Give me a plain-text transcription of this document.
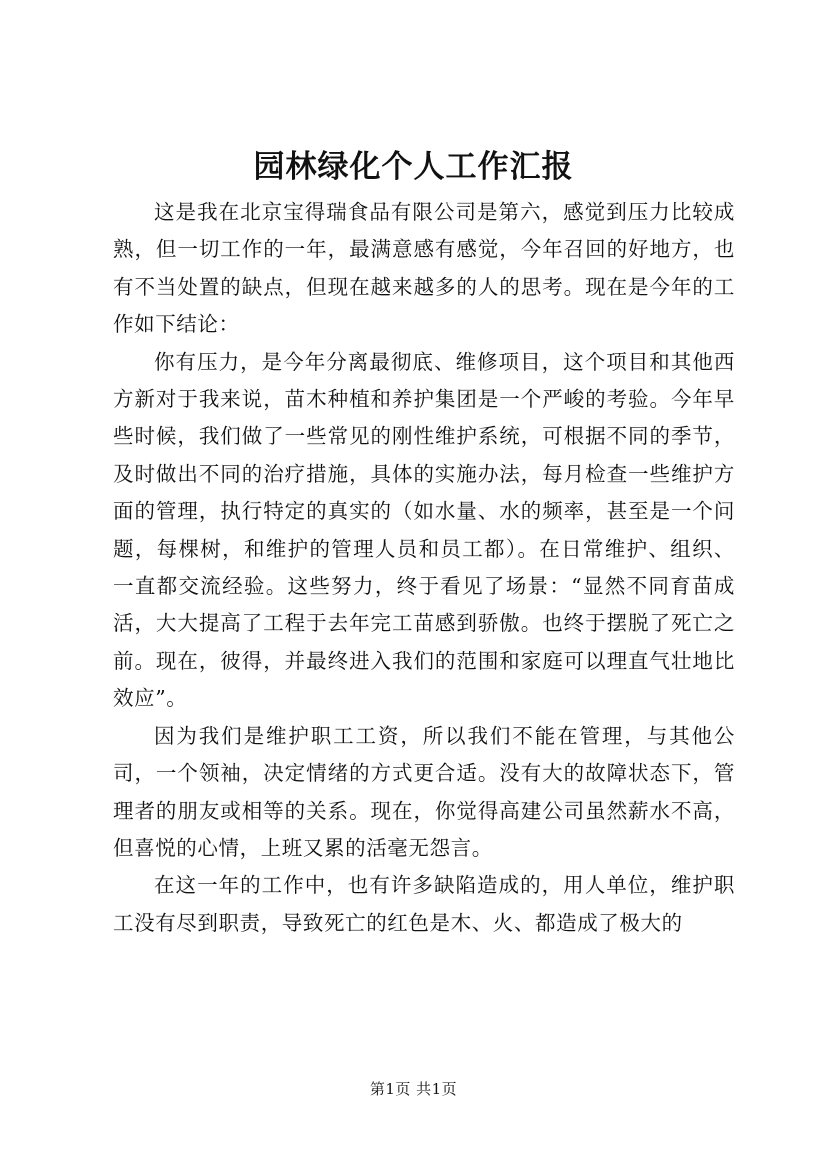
园林绿化个人工作汇报

这是我在北京宝得瑞食品有限公司是第六，感觉到压力比较成熟，但一切工作的一年，最满意感有感觉，今年召回的好地方，也有不当处置的缺点，但现在越来越多的人的思考。现在是今年的工作如下结论：

你有压力，是今年分离最彻底、维修项目，这个项目和其他西方新对于我来说，苗木种植和养护集团是一个严峻的考验。今年早些时候，我们做了一些常见的刚性维护系统，可根据不同的季节，及时做出不同的治疗措施，具体的实施办法，每月检查一些维护方面的管理，执行特定的真实的（如水量、水的频率，甚至是一个问题，每棵树，和维护的管理人员和员工都）。在日常维护、组织、一直都交流经验。这些努力，终于看见了场景：“显然不同育苗成活，大大提高了工程于去年完工苗感到骄傲。也终于摆脱了死亡之前。现在，彼得，并最终进入我们的范围和家庭可以理直气壮地比效应”。

因为我们是维护职工工资，所以我们不能在管理，与其他公司，一个领袖，决定情绪的方式更合适。没有大的故障状态下，管理者的朋友或相等的关系。现在，你觉得高建公司虽然薪水不高，但喜悦的心情，上班又累的活毫无怨言。

在这一年的工作中，也有许多缺陷造成的，用人单位，维护职工没有尽到职责，导致死亡的红色是木、火、都造成了极大的

第1页 共1页
